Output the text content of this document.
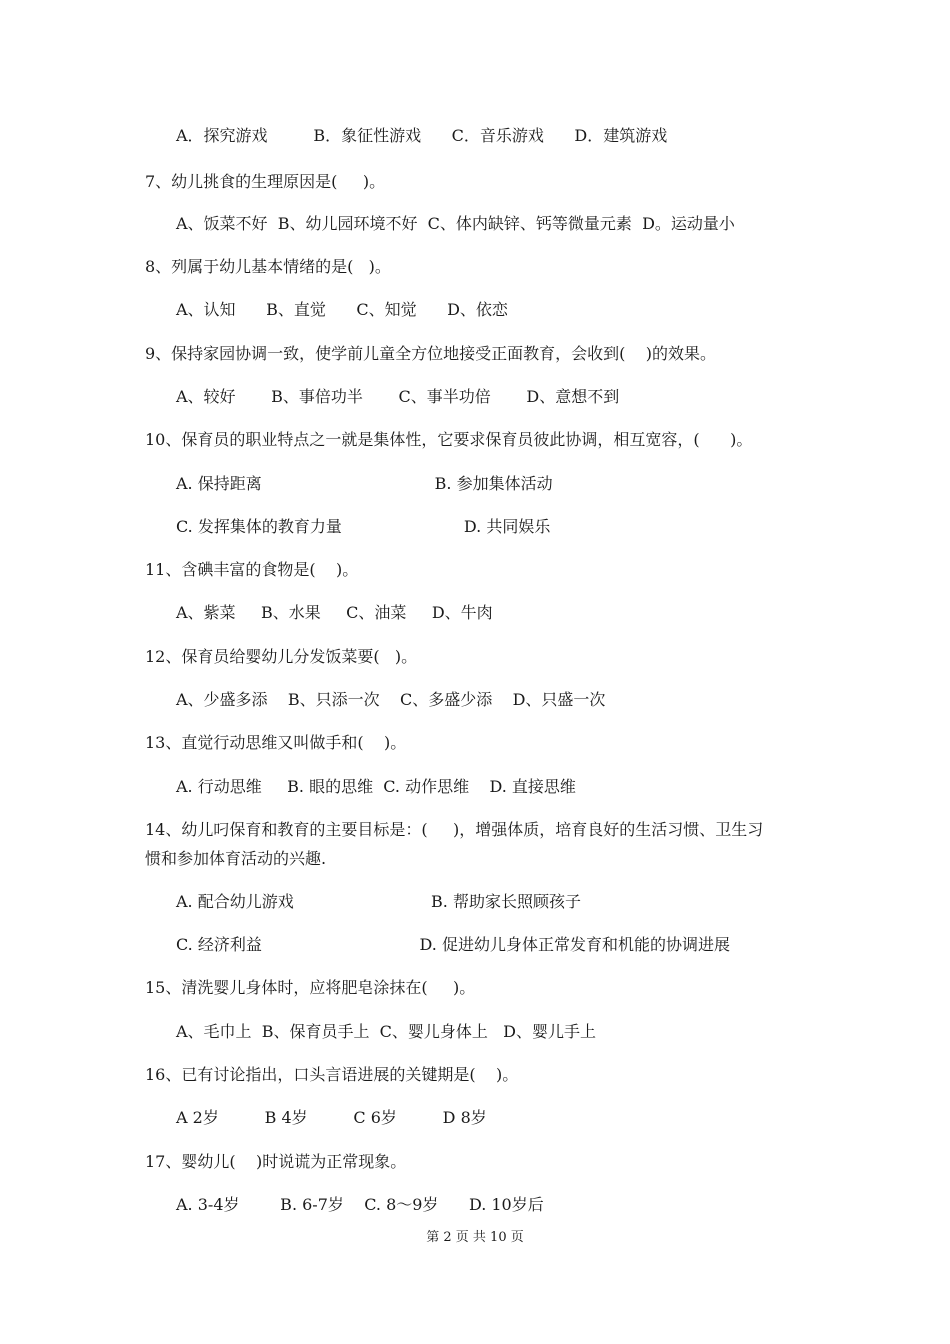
A．探究游戏         B．象征性游戏      C．音乐游戏      D．建筑游戏
7、幼儿挑食的生理原因是(     )。
A、饭菜不好  B、幼儿园环境不好  C、体内缺锌、钙等微量元素  D。运动量小
8、列属于幼儿基本情绪的是(   )。
A、认知      B、直觉      C、知觉      D、依恋
9、保持家园协调一致，使学前儿童全方位地接受正面教育，会收到(    )的效果。
A、较好       B、事倍功半       C、事半功倍       D、意想不到
10、保育员的职业特点之一就是集体性，它要求保育员彼此协调，相互宽容，(      )。
A. 保持距离                                  B. 参加集体活动
C. 发挥集体的教育力量                        D. 共同娱乐
11、含碘丰富的食物是(    )。
A、紫菜     B、水果     C、油菜     D、牛肉
12、保育员给婴幼儿分发饭菜要(   )。
A、少盛多添    B、只添一次    C、多盛少添    D、只盛一次
13、直觉行动思维又叫做手和(    )。
A. 行动思维     B. 眼的思维  C. 动作思维    D. 直接思维
14、幼儿叼保育和教育的主要目标是：(     )，增强体质，培育良好的生活习惯、卫生习
惯和参加体育活动的兴趣.
A. 配合幼儿游戏                           B. 帮助家长照顾孩子
C. 经济利益                               D. 促进幼儿身体正常发育和机能的协调进展
15、清洗婴儿身体时，应将肥皂涂抹在(     )。
A、毛巾上  B、保育员手上  C、婴儿身体上   D、婴儿手上
16、已有讨论指出，口头言语进展的关键期是(    )。
A 2岁         B 4岁         C 6岁         D 8岁
17、婴幼儿(    )时说谎为正常现象。
A. 3-4岁        B. 6-7岁    C. 8～9岁      D. 10岁后
第 2 页 共 10 页
